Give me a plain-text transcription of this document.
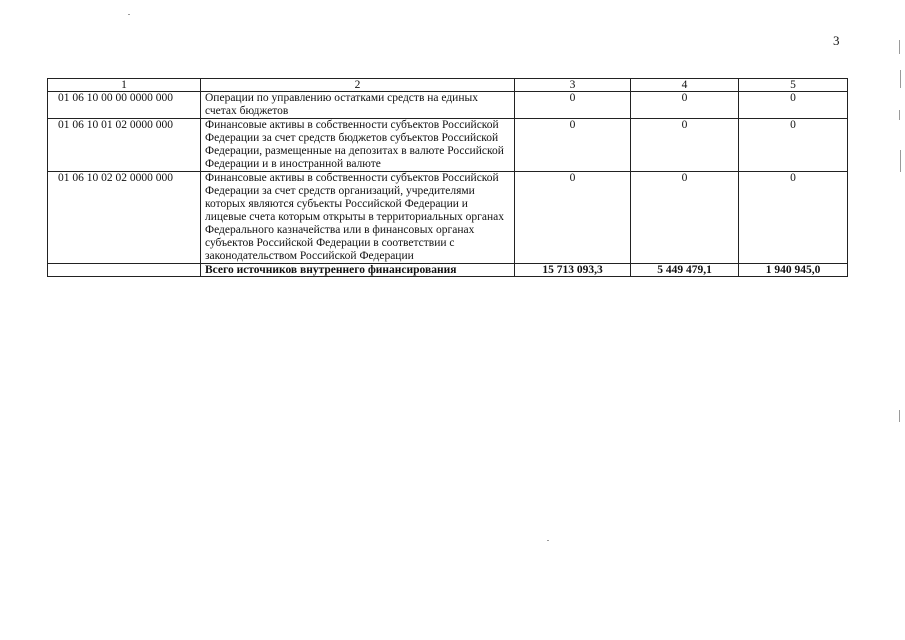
3
1	2	3	4	5
01 06 10 00 00 0000 000	Операции по управлению остатками средств на единых счетах бюджетов	0	0	0
01 06 10 01 02 0000 000	Финансовые активы в собственности субъектов Российской Федерации за счет средств бюджетов субъектов Российской Федерации, размещенные на депозитах в валюте Российской Федерации и в иностранной валюте	0	0	0
01 06 10 02 02 0000 000	Финансовые активы в собственности субъектов Российской Федерации за счет средств организаций, учредителями которых являются субъекты Российской Федерации и лицевые счета которым открыты в территориальных органах Федерального казначейства или в финансовых органах субъектов Российской Федерации в соответствии с законодательством Российской Федерации	0	0	0
	Всего источников внутреннего финансирования	15 713 093,3	5 449 479,1	1 940 945,0
